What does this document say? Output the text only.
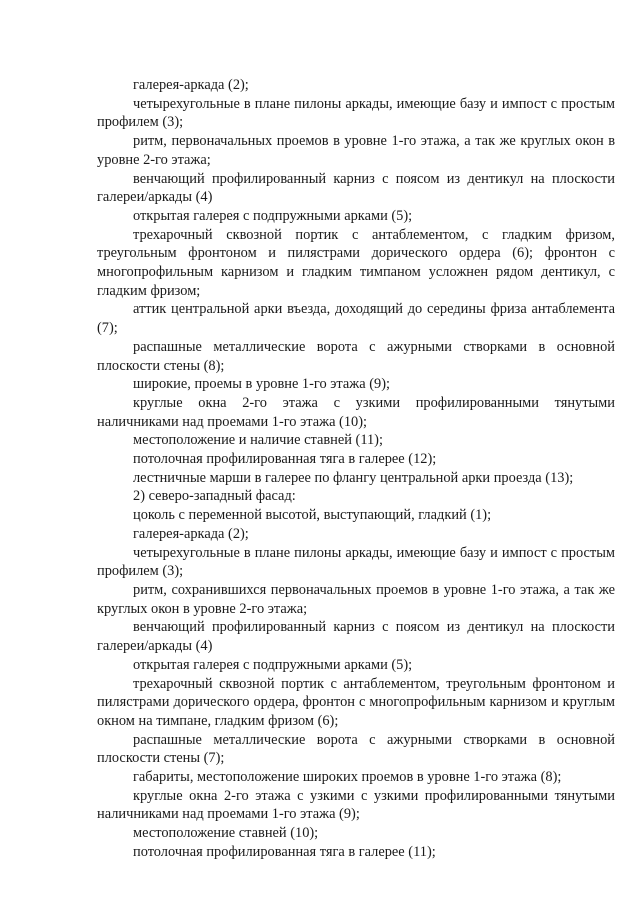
галерея-аркада (2);

четырехугольные в плане пилоны аркады, имеющие базу и импост с простым профилем (3);

ритм, первоначальных проемов в уровне 1-го этажа, а так же круглых окон в уровне 2-го этажа;

венчающий профилированный карниз с поясом из дентикул на плоскости галереи/аркады (4)

открытая галерея с подпружными арками (5);

трехарочный сквозной портик с антаблементом, с гладким фризом, треугольным фронтоном и пилястрами дорического ордера (6); фронтон с многопрофильным карнизом и гладким тимпаном усложнен рядом дентикул, с гладким фризом;

аттик центральной арки въезда, доходящий до середины фриза антаблемента (7);

распашные металлические ворота с ажурными створками в основной плоскости стены (8);

широкие, проемы в уровне 1-го этажа (9);

круглые окна 2-го этажа с узкими профилированными тянутыми наличниками над проемами 1-го этажа (10);

местоположение и наличие ставней (11);

потолочная профилированная тяга в галерее (12);

лестничные марши в галерее по флангу центральной арки проезда (13);

2) северо-западный фасад:

цоколь с переменной высотой, выступающий, гладкий (1);

галерея-аркада (2);

четырехугольные в плане пилоны аркады, имеющие базу и импост с простым профилем (3);

ритм, сохранившихся первоначальных проемов в уровне 1-го этажа, а так же круглых окон в уровне 2-го этажа;

венчающий профилированный карниз с поясом из дентикул на плоскости галереи/аркады (4)

открытая галерея с подпружными арками (5);

трехарочный сквозной портик с антаблементом, треугольным фронтоном и пилястрами дорического ордера, фронтон с многопрофильным карнизом и круглым окном на тимпане, гладким фризом (6);

распашные металлические ворота с ажурными створками в основной плоскости стены (7);

габариты, местоположение широких проемов в уровне 1-го этажа (8);

круглые окна 2-го этажа с узкими с узкими профилированными тянутыми наличниками над проемами 1-го этажа (9);

местоположение ставней (10);

потолочная профилированная тяга в галерее (11);
